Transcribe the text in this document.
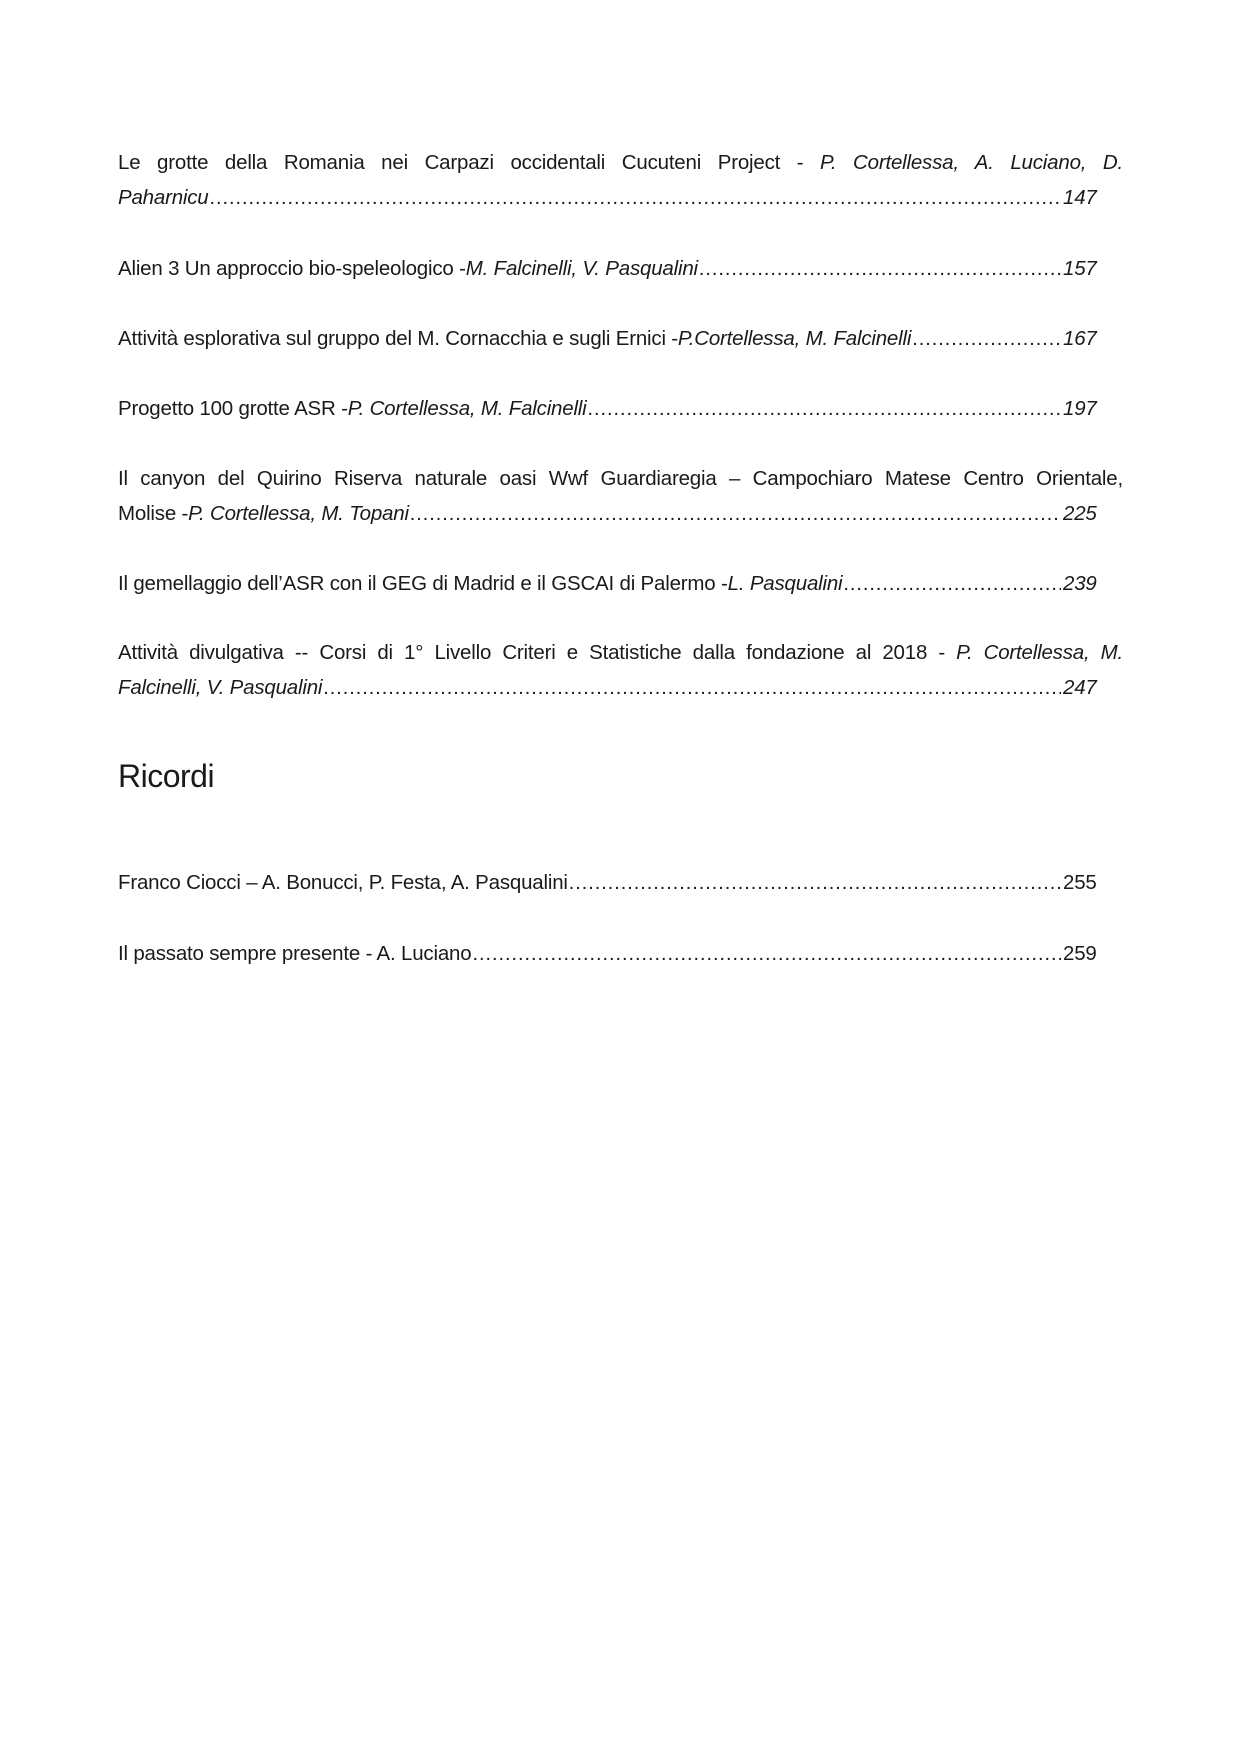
Le grotte della Romania nei Carpazi occidentali Cucuteni Project - P. Cortellessa, A. Luciano, D.
Paharnicu …………………………………………………………………………………………………………………………………………………………………………………………………………………………………………	147
Alien 3 Un approccio bio-speleologico - M. Falcinelli, V. Pasqualini …………………………………………………………………………………………………………………………………………………………………………………………………………………………………………	157
Attività esplorativa sul gruppo del M. Cornacchia e sugli Ernici - P.Cortellessa, M. Falcinelli …………………………………………………………………………………………………………………………………………………………………………………………………………………………………………	167
Progetto 100 grotte ASR - P. Cortellessa, M. Falcinelli …………………………………………………………………………………………………………………………………………………………………………………………………………………………………………	197
Il canyon del Quirino Riserva naturale oasi Wwf Guardiaregia – Campochiaro Matese Centro Orientale,
Molise - P. Cortellessa, M. Topani …………………………………………………………………………………………………………………………………………………………………………………………………………………………………………	225
Il gemellaggio dell’ASR con il GEG di Madrid e il GSCAI di Palermo - L. Pasqualini …………………………………………………………………………………………………………………………………………………………………………………………………………………………………………	239
Attività divulgativa -- Corsi di 1° Livello Criteri e Statistiche dalla fondazione al 2018 - P. Cortellessa, M.
Falcinelli, V. Pasqualini …………………………………………………………………………………………………………………………………………………………………………………………………………………………………………	247
Ricordi
Franco Ciocci – A. Bonucci, P. Festa, A. Pasqualini …………………………………………………………………………………………………………………………………………………………………………………………………………………………………………	255
Il passato sempre presente - A. Luciano …………………………………………………………………………………………………………………………………………………………………………………………………………………………………………	259
